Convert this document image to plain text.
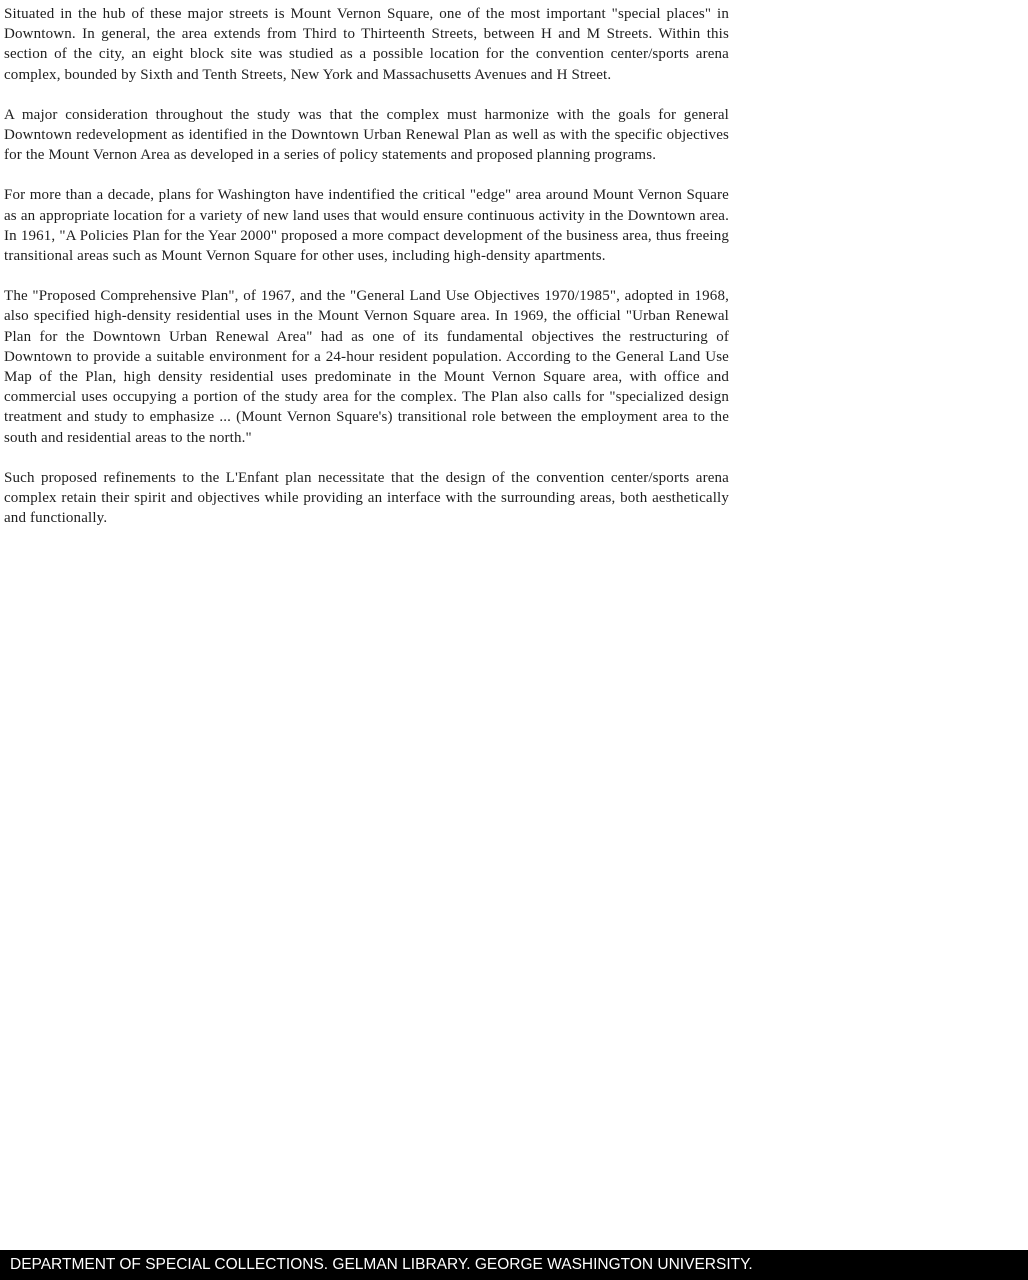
Situated in the hub of these major streets is Mount Vernon Square, one of the most important "special places" in Downtown. In general, the area extends from Third to Thirteenth Streets, between H and M Streets. Within this section of the city, an eight block site was studied as a possible location for the convention center/sports arena complex, bounded by Sixth and Tenth Streets, New York and Massachusetts Avenues and H Street.

A major consideration throughout the study was that the complex must harmonize with the goals for general Downtown redevelopment as identified in the Downtown Urban Renewal Plan as well as with the specific objectives for the Mount Vernon Area as developed in a series of policy statements and proposed planning programs.

For more than a decade, plans for Washington have indentified the critical "edge" area around Mount Vernon Square as an appropriate location for a variety of new land uses that would ensure continuous activity in the Downtown area. In 1961, "A Policies Plan for the Year 2000" proposed a more compact development of the business area, thus freeing transitional areas such as Mount Vernon Square for other uses, including high-density apartments.

The "Proposed Comprehensive Plan", of 1967, and the "General Land Use Objectives 1970/1985", adopted in 1968, also specified high-density residential uses in the Mount Vernon Square area. In 1969, the official "Urban Renewal Plan for the Downtown Urban Renewal Area" had as one of its fundamental objectives the restructuring of Downtown to provide a suitable environment for a 24-hour resident population. According to the General Land Use Map of the Plan, high density residential uses predominate in the Mount Vernon Square area, with office and commercial uses occupying a portion of the study area for the complex. The Plan also calls for "specialized design treatment and study to emphasize ... (Mount Vernon Square's) transitional role between the employment area to the south and residential areas to the north."

Such proposed refinements to the L'Enfant plan necessitate that the design of the convention center/sports arena complex retain their spirit and objectives while providing an interface with the surrounding areas, both aesthetically and functionally.

DEPARTMENT OF SPECIAL COLLECTIONS. GELMAN LIBRARY. GEORGE WASHINGTON UNIVERSITY.
